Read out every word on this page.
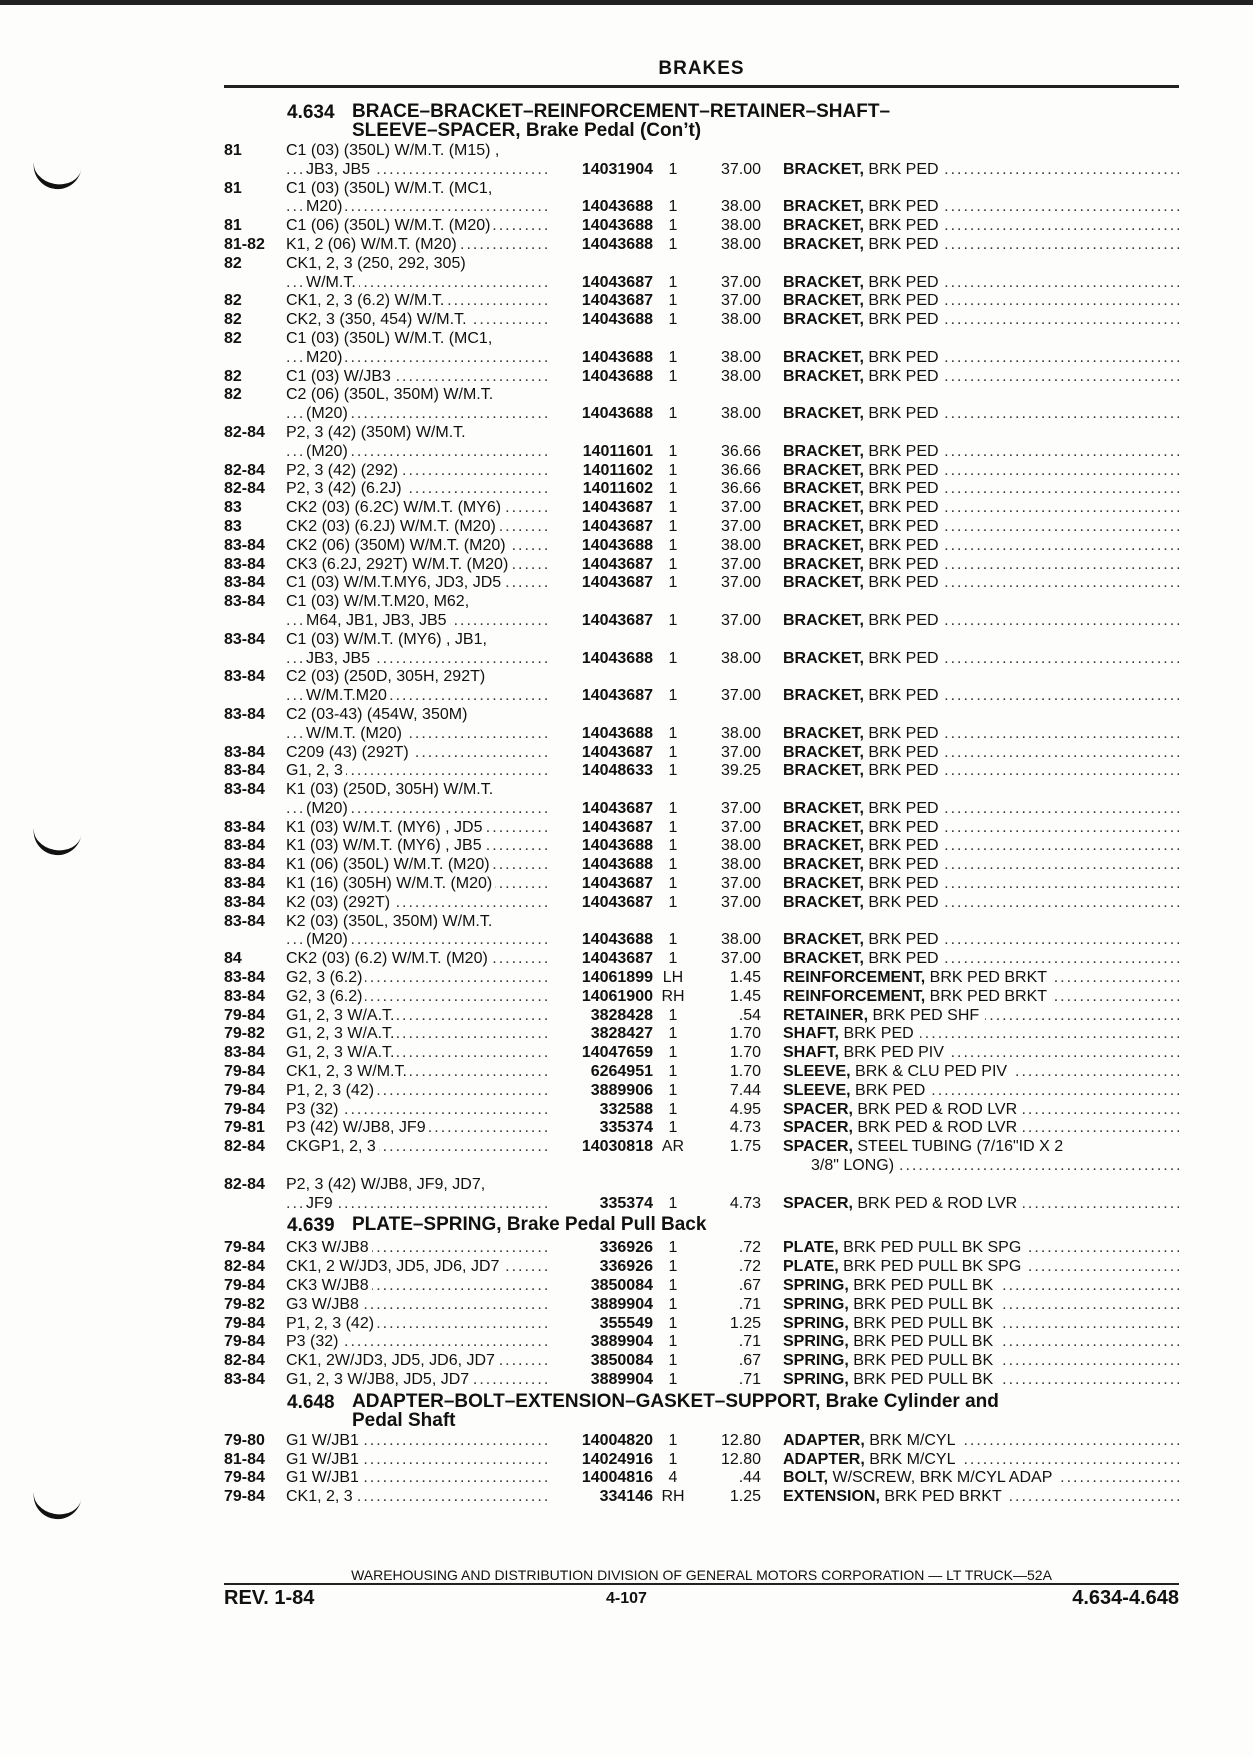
BRAKES
4.634 BRACE–BRACKET–REINFORCEMENT–RETAINER–SHAFT–
SLEEVE–SPACER, Brake Pedal (Con’t)
81	C1 (03) (350L) W/M.T. (M15) ,
JB3, JB5 .....	14031904 1	37.00	BRACKET, BRK PED .....
81	C1 (03) (350L) W/M.T. (MC1,
M20) .....	14043688 1	38.00	BRACKET, BRK PED .....
81	C1 (06) (350L) W/M.T. (M20) .....	14043688 1	38.00	BRACKET, BRK PED .....
81-82	K1, 2 (06) W/M.T. (M20) .....	14043688 1	38.00	BRACKET, BRK PED .....
82	CK1, 2, 3 (250, 292, 305)
W/M.T. .....	14043687 1	37.00	BRACKET, BRK PED .....
82	CK1, 2, 3 (6.2) W/M.T. .....	14043687 1	37.00	BRACKET, BRK PED .....
82	CK2, 3 (350, 454) W/M.T. .....	14043688 1	38.00	BRACKET, BRK PED .....
82	C1 (03) (350L) W/M.T. (MC1,
M20) .....	14043688 1	38.00	BRACKET, BRK PED .....
82	C1 (03) W/JB3 .....	14043688 1	38.00	BRACKET, BRK PED .....
82	C2 (06) (350L, 350M) W/M.T.
(M20) .....	14043688 1	38.00	BRACKET, BRK PED .....
82-84	P2, 3 (42) (350M) W/M.T.
(M20) .....	14011601 1	36.66	BRACKET, BRK PED .....
82-84	P2, 3 (42) (292) .....	14011602 1	36.66	BRACKET, BRK PED .....
82-84	P2, 3 (42) (6.2J) .....	14011602 1	36.66	BRACKET, BRK PED .....
83	CK2 (03) (6.2C) W/M.T. (MY6) .....	14043687 1	37.00	BRACKET, BRK PED .....
83	CK2 (03) (6.2J) W/M.T. (M20) .....	14043687 1	37.00	BRACKET, BRK PED .....
83-84	CK2 (06) (350M) W/M.T. (M20) .....	14043688 1	38.00	BRACKET, BRK PED .....
83-84	CK3 (6.2J, 292T) W/M.T. (M20) .....	14043687 1	37.00	BRACKET, BRK PED .....
83-84	C1 (03) W/M.T.MY6, JD3, JD5 .....	14043687 1	37.00	BRACKET, BRK PED .....
83-84	C1 (03) W/M.T.M20, M62,
M64, JB1, JB3, JB5 .....	14043687 1	37.00	BRACKET, BRK PED .....
83-84	C1 (03) W/M.T. (MY6) , JB1,
JB3, JB5 .....	14043688 1	38.00	BRACKET, BRK PED .....
83-84	C2 (03) (250D, 305H, 292T)
W/M.T.M20 .....	14043687 1	37.00	BRACKET, BRK PED .....
83-84	C2 (03-43) (454W, 350M)
W/M.T. (M20) .....	14043688 1	38.00	BRACKET, BRK PED .....
83-84	C209 (43) (292T) .....	14043687 1	37.00	BRACKET, BRK PED .....
83-84	G1, 2, 3 .....	14048633 1	39.25	BRACKET, BRK PED .....
83-84	K1 (03) (250D, 305H) W/M.T.
(M20) .....	14043687 1	37.00	BRACKET, BRK PED .....
83-84	K1 (03) W/M.T. (MY6) , JD5 .....	14043687 1	37.00	BRACKET, BRK PED .....
83-84	K1 (03) W/M.T. (MY6) , JB5 .....	14043688 1	38.00	BRACKET, BRK PED .....
83-84	K1 (06) (350L) W/M.T. (M20) .....	14043688 1	38.00	BRACKET, BRK PED .....
83-84	K1 (16) (305H) W/M.T. (M20) .....	14043687 1	37.00	BRACKET, BRK PED .....
83-84	K2 (03) (292T) .....	14043687 1	37.00	BRACKET, BRK PED .....
83-84	K2 (03) (350L, 350M) W/M.T.
(M20) .....	14043688 1	38.00	BRACKET, BRK PED .....
84	CK2 (03) (6.2) W/M.T. (M20) .....	14043687 1	37.00	BRACKET, BRK PED .....
83-84	G2, 3 (6.2) .....	14061899 LH	1.45	REINFORCEMENT, BRK PED BRKT .....
83-84	G2, 3 (6.2) .....	14061900 RH	1.45	REINFORCEMENT, BRK PED BRKT .....
79-84	G1, 2, 3 W/A.T. .....	3828428 1	.54	RETAINER, BRK PED SHF .....
79-82	G1, 2, 3 W/A.T. .....	3828427 1	1.70	SHAFT, BRK PED .....
83-84	G1, 2, 3 W/A.T. .....	14047659 1	1.70	SHAFT, BRK PED PIV .....
79-84	CK1, 2, 3 W/M.T. .....	6264951 1	1.70	SLEEVE, BRK & CLU PED PIV .....
79-84	P1, 2, 3 (42) .....	3889906 1	7.44	SLEEVE, BRK PED .....
79-84	P3 (32) .....	332588 1	4.95	SPACER, BRK PED & ROD LVR .....
79-81	P3 (42) W/JB8, JF9 .....	335374 1	4.73	SPACER, BRK PED & ROD LVR .....
82-84	CKGP1, 2, 3 .....	14030818 AR	1.75	SPACER, STEEL TUBING (7/16"ID X 2
3/8" LONG) .....
82-84	P2, 3 (42) W/JB8, JF9, JD7,
JF9 .....	335374 1	4.73	SPACER, BRK PED & ROD LVR .....
4.639 PLATE–SPRING, Brake Pedal Pull Back
79-84	CK3 W/JB8 .....	336926 1	.72	PLATE, BRK PED PULL BK SPG .....
82-84	CK1, 2 W/JD3, JD5, JD6, JD7 .....	336926 1	.72	PLATE, BRK PED PULL BK SPG .....
79-84	CK3 W/JB8 .....	3850084 1	.67	SPRING, BRK PED PULL BK .....
79-82	G3 W/JB8 .....	3889904 1	.71	SPRING, BRK PED PULL BK .....
79-84	P1, 2, 3 (42) .....	355549 1	1.25	SPRING, BRK PED PULL BK .....
79-84	P3 (32) .....	3889904 1	.71	SPRING, BRK PED PULL BK .....
82-84	CK1, 2W/JD3, JD5, JD6, JD7 .....	3850084 1	.67	SPRING, BRK PED PULL BK .....
83-84	G1, 2, 3 W/JB8, JD5, JD7 .....	3889904 1	.71	SPRING, BRK PED PULL BK .....
4.648 ADAPTER–BOLT–EXTENSION–GASKET–SUPPORT, Brake Cylinder and
Pedal Shaft
79-80	G1 W/JB1 .....	14004820 1	12.80	ADAPTER, BRK M/CYL .....
81-84	G1 W/JB1 .....	14024916 1	12.80	ADAPTER, BRK M/CYL .....
79-84	G1 W/JB1 .....	14004816 4	.44	BOLT, W/SCREW, BRK M/CYL ADAP .....
79-84	CK1, 2, 3 .....	334146 RH	1.25	EXTENSION, BRK PED BRKT .....
WAREHOUSING AND DISTRIBUTION DIVISION OF GENERAL MOTORS CORPORATION — LT TRUCK—52A
REV. 1-84	4-107	4.634-4.648
